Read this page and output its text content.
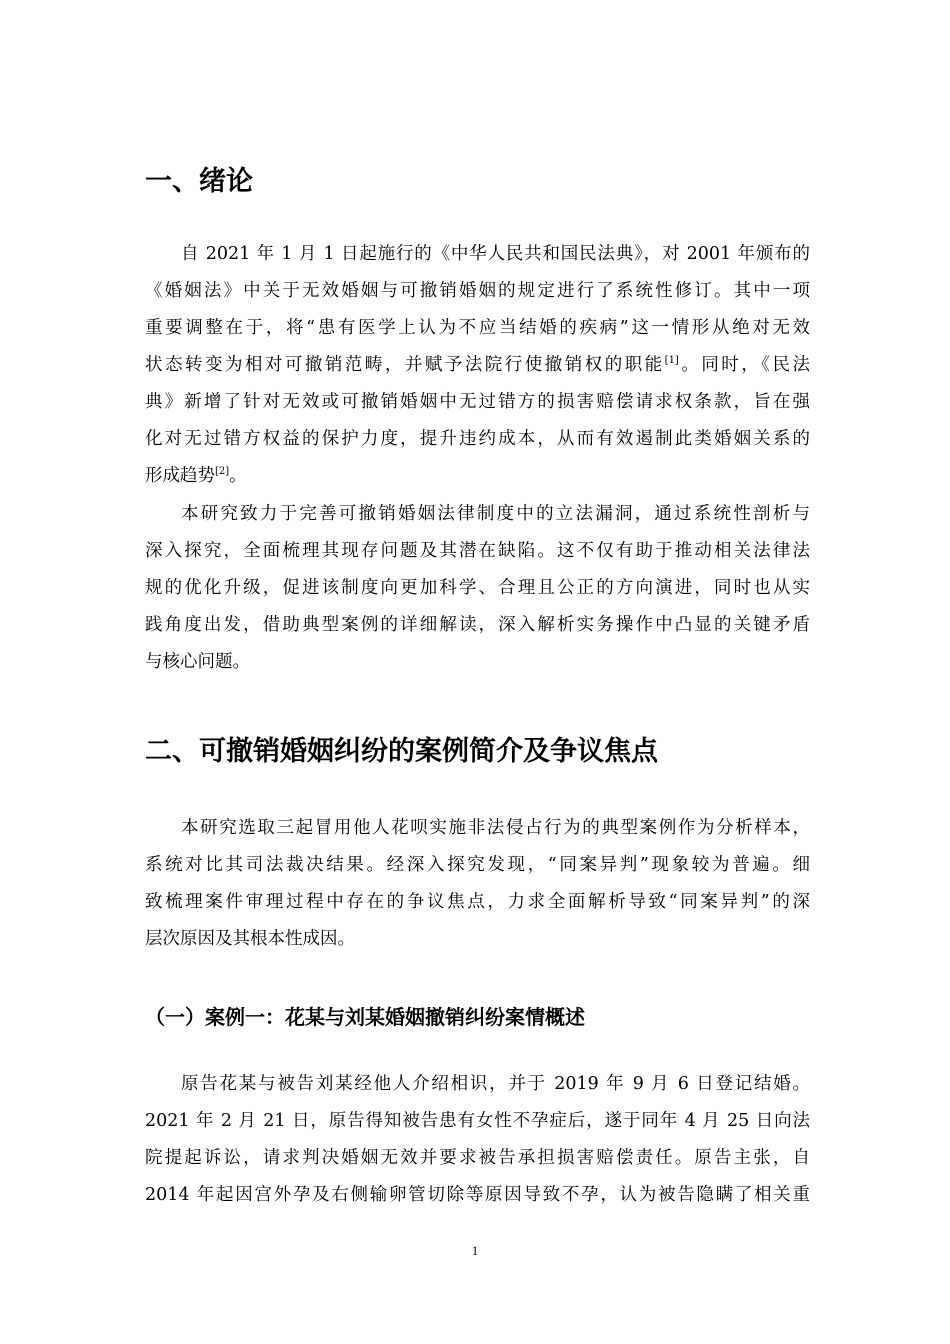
一、绪论
自 2021 年 1 月 1 日起施行的《中华人民共和国民法典》，对 2001 年颁布的
《婚姻法》中关于无效婚姻与可撤销婚姻的规定进行了系统性修订。其中一项
重要调整在于，将“患有医学上认为不应当结婚的疾病”这一情形从绝对无效
状态转变为相对可撤销范畴，并赋予法院行使撤销权的职能[1]。同时，《民法
典》新增了针对无效或可撤销婚姻中无过错方的损害赔偿请求权条款，旨在强
化对无过错方权益的保护力度，提升违约成本，从而有效遏制此类婚姻关系的
形成趋势[2]。
本研究致力于完善可撤销婚姻法律制度中的立法漏洞，通过系统性剖析与
深入探究，全面梳理其现存问题及其潜在缺陷。这不仅有助于推动相关法律法
规的优化升级，促进该制度向更加科学、合理且公正的方向演进，同时也从实
践角度出发，借助典型案例的详细解读，深入解析实务操作中凸显的关键矛盾
与核心问题。
二、可撤销婚姻纠纷的案例简介及争议焦点
本研究选取三起冒用他人花呗实施非法侵占行为的典型案例作为分析样本，
系统对比其司法裁决结果。经深入探究发现，“同案异判”现象较为普遍。细
致梳理案件审理过程中存在的争议焦点，力求全面解析导致“同案异判”的深
层次原因及其根本性成因。
（一）案例一：花某与刘某婚姻撤销纠纷案情概述
原告花某与被告刘某经他人介绍相识，并于 2019 年 9 月 6 日登记结婚。
2021 年 2 月 21 日，原告得知被告患有女性不孕症后，遂于同年 4 月 25 日向法
院提起诉讼，请求判决婚姻无效并要求被告承担损害赔偿责任。原告主张，自
2014 年起因宫外孕及右侧输卵管切除等原因导致不孕，认为被告隐瞒了相关重
1
